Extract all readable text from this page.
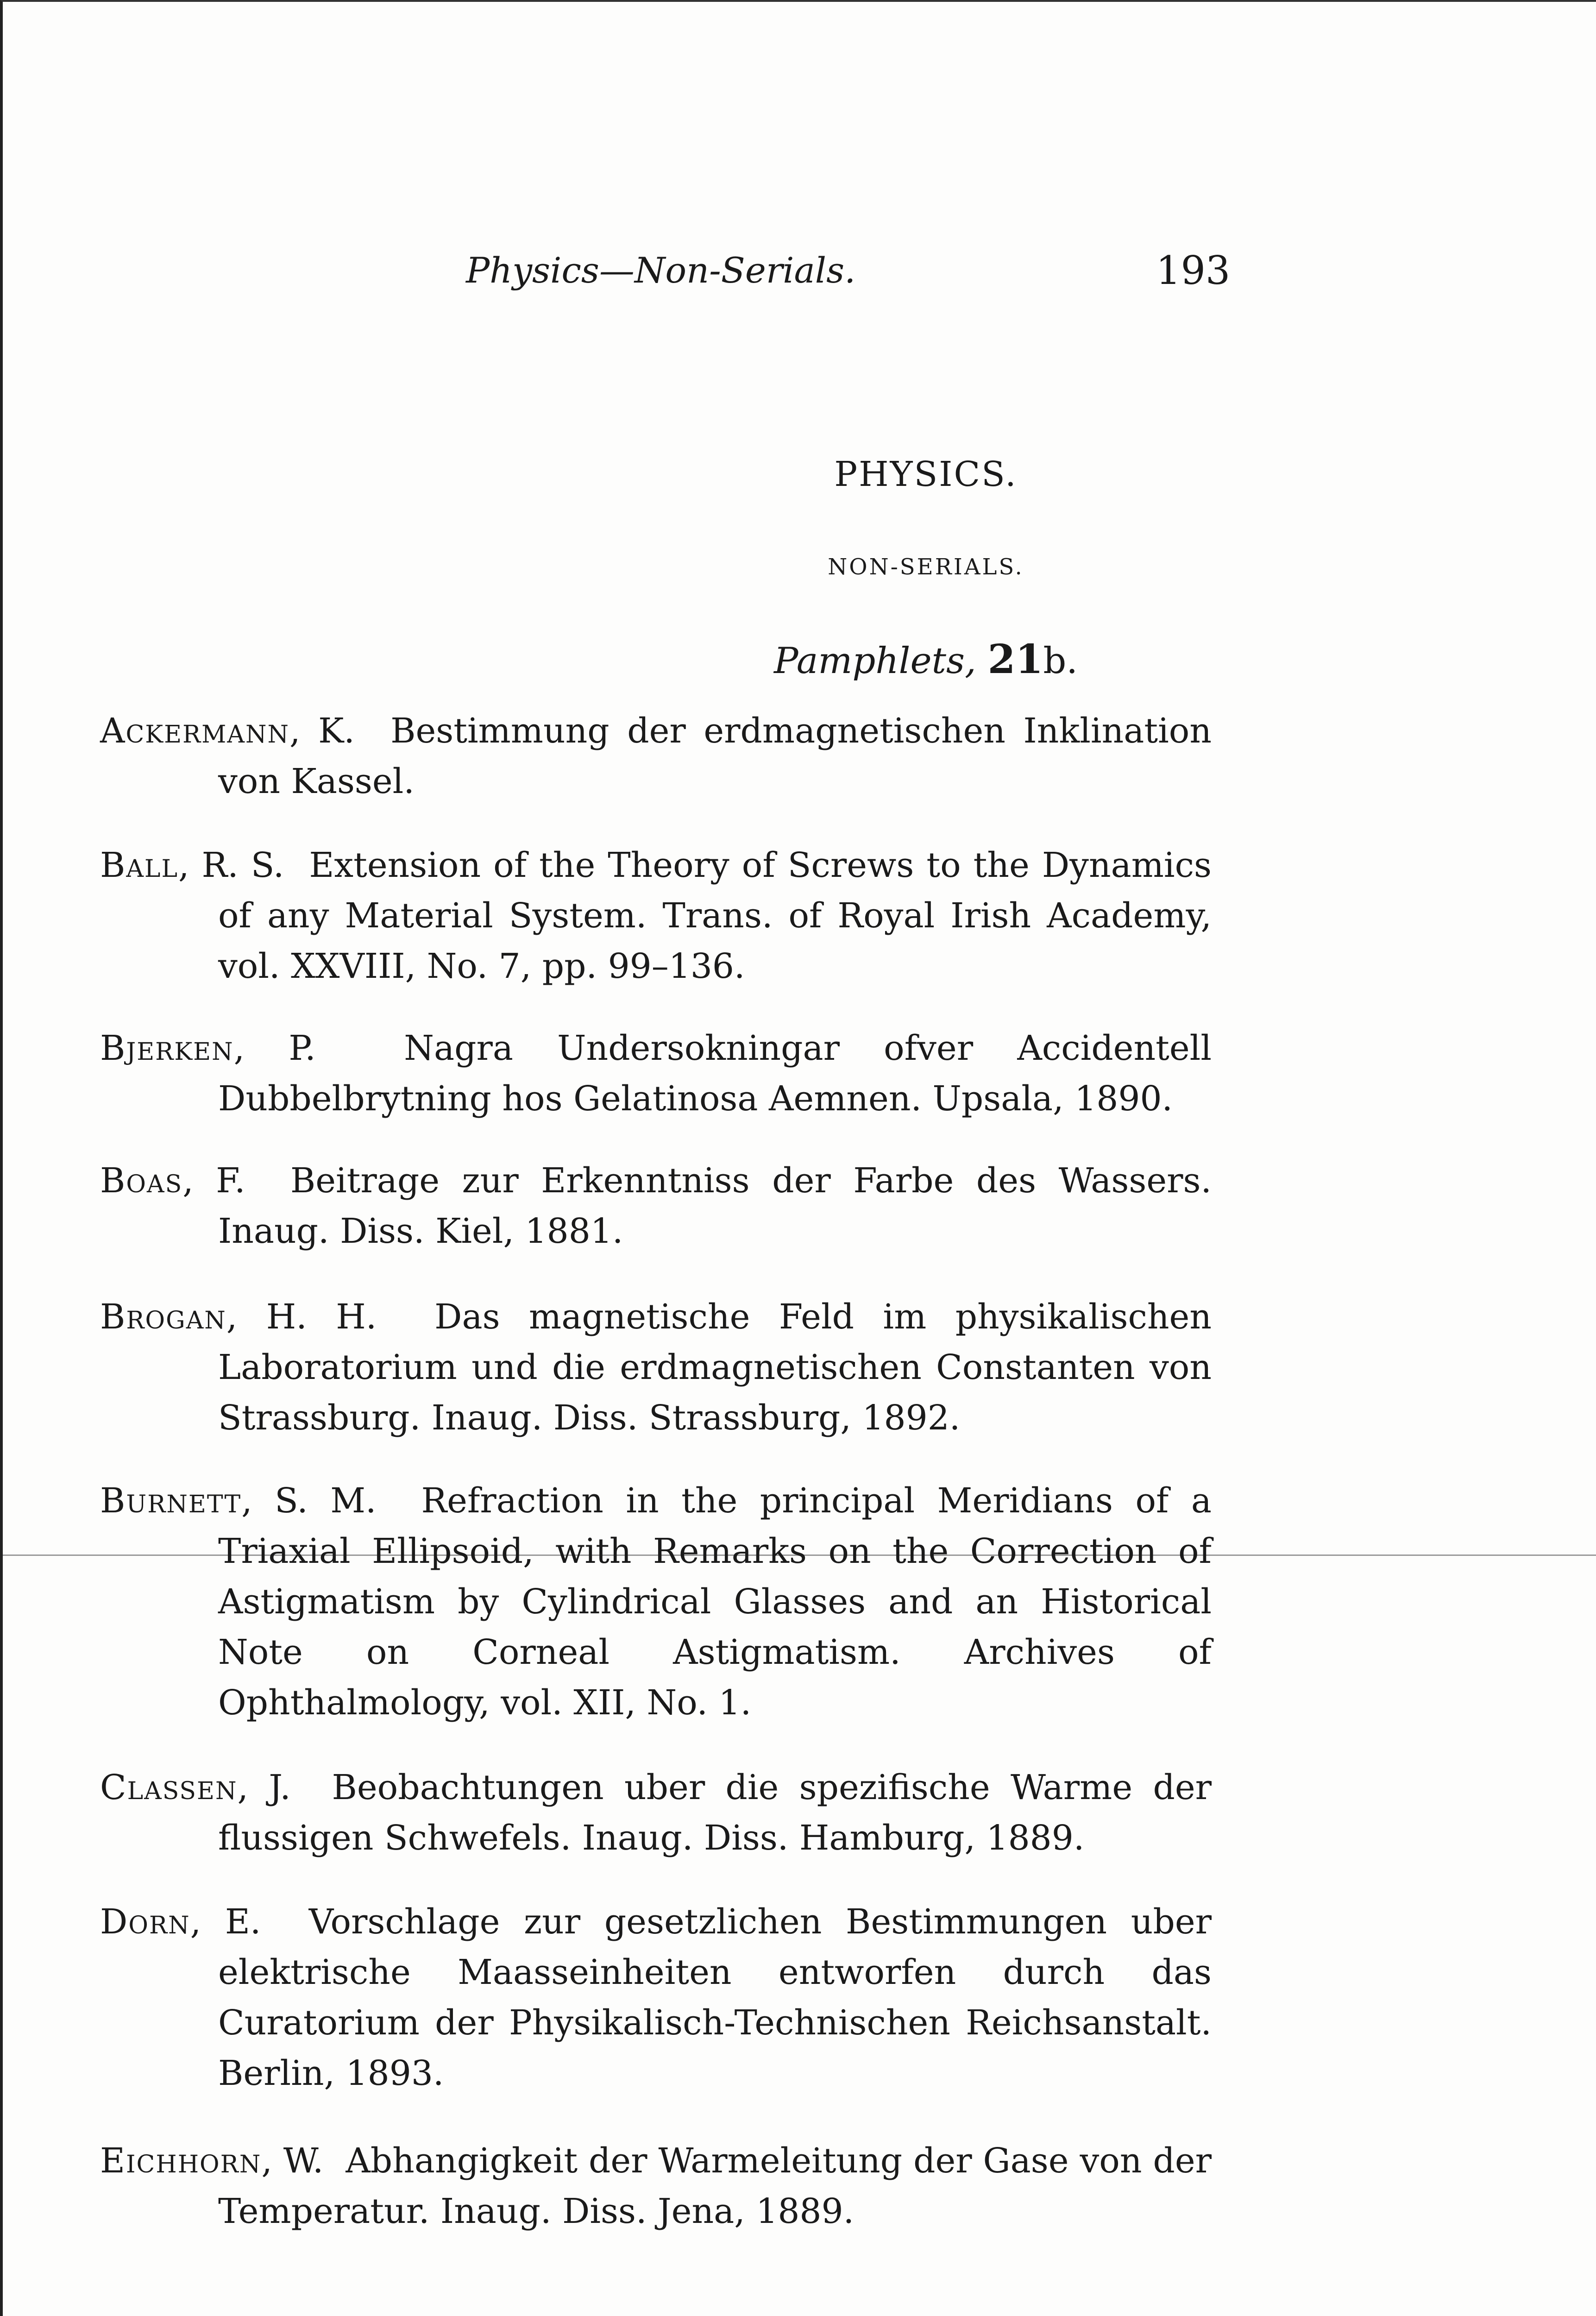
Physics—Non-Serials.	193
PHYSICS.
NON-SERIALS.
Pamphlets, 21b.

Ackermann, K. Bestimmung der erdmagnetischen Inklination von Kassel.

Ball, R. S. Extension of the Theory of Screws to the Dynamics of any Material System. Trans. of Royal Irish Academy, vol. XXVIII, No. 7, pp. 99–136.

Bjerken, P.	Nagra Undersokningar ofver Accidentell Dubbelbrytning hos Gelatinosa Aemnen. Upsala, 1890.

Boas, F. Beitrage zur Erkenntniss der Farbe des Wassers. Inaug. Diss. Kiel, 1881.

Brogan, H. H. Das magnetische Feld im physikalischen Laboratorium und die erdmagnetischen Constanten von Strassburg. Inaug. Diss. Strassburg, 1892.

Burnett, S. M. Refraction in the principal Meridians of a Triaxial Ellipsoid, with Remarks on the Correction of Astigmatism by Cylindrical Glasses and an Historical Note on Corneal Astigmatism. Archives of Ophthalmology, vol. XII, No. 1.

Classen, J. Beobachtungen uber die spezifische Warme der flussigen Schwefels. Inaug. Diss. Hamburg, 1889.

Dorn, E. Vorschlage zur gesetzlichen Bestimmungen uber elektrische Maasseinheiten entworfen durch das Curatorium der Physikalisch-Technischen Reichsanstalt. Berlin, 1893.

Eichhorn, W. Abhangigkeit der Warmeleitung der Gase von der Temperatur. Inaug. Diss. Jena, 1889.
